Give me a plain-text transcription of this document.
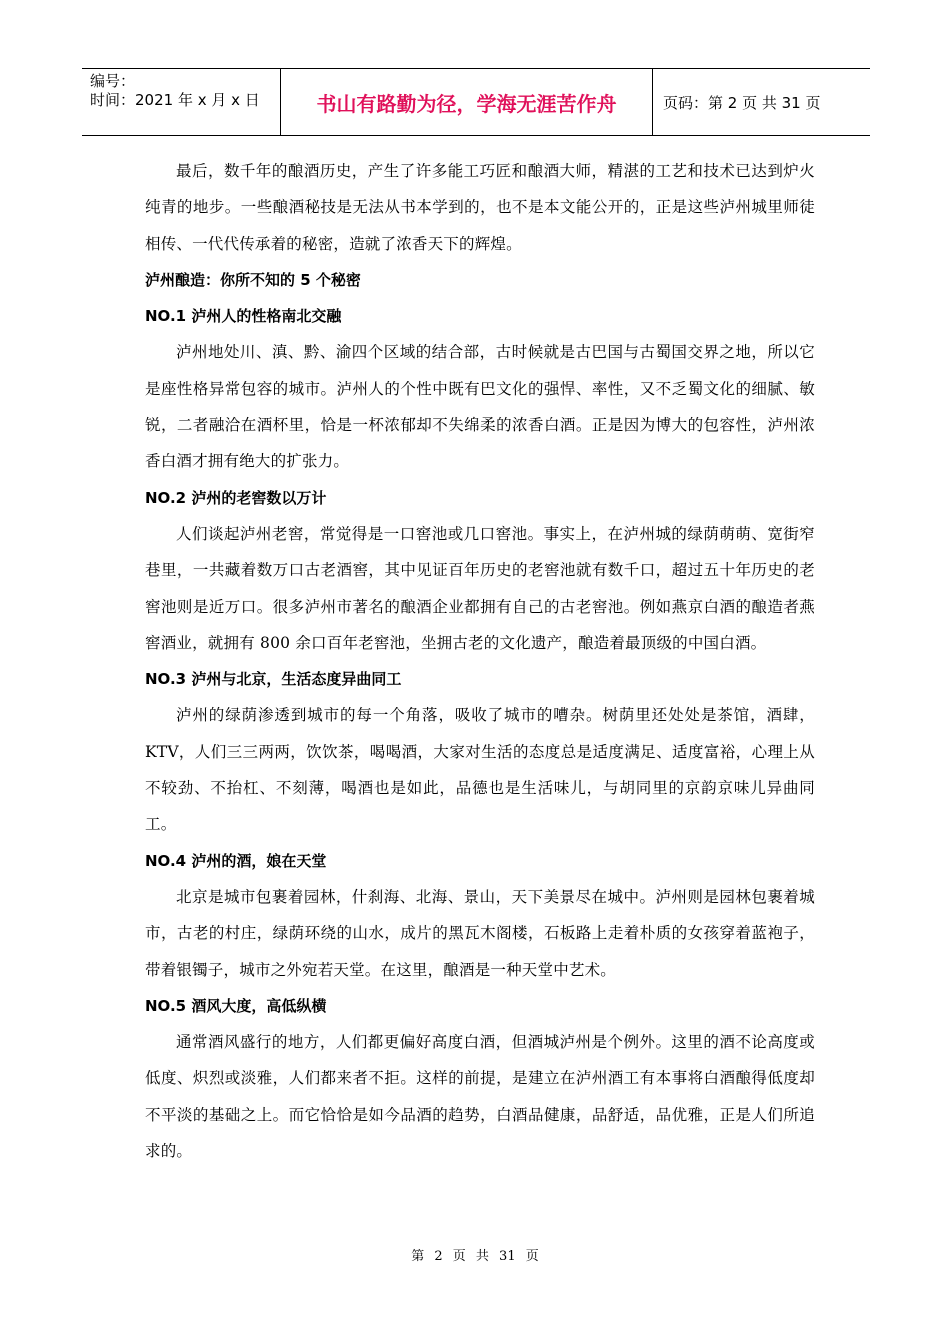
编号：
时间：2021 年 x 月 x 日	书山有路勤为径，学海无涯苦作舟	页码：第 2 页 共 31 页

最后，数千年的酿酒历史，产生了许多能工巧匠和酿酒大师，精湛的工艺和技术已达到炉火纯青的地步。一些酿酒秘技是无法从书本学到的，也不是本文能公开的，正是这些泸州城里师徒相传、一代代传承着的秘密，造就了浓香天下的辉煌。

泸州酿造：你所不知的 5 个秘密

NO.1 泸州人的性格南北交融

泸州地处川、滇、黔、渝四个区域的结合部，古时候就是古巴国与古蜀国交界之地，所以它是座性格异常包容的城市。泸州人的个性中既有巴文化的强悍、率性，又不乏蜀文化的细腻、敏锐，二者融洽在酒杯里，恰是一杯浓郁却不失绵柔的浓香白酒。正是因为博大的包容性，泸州浓香白酒才拥有绝大的扩张力。

NO.2 泸州的老窖数以万计

人们谈起泸州老窖，常觉得是一口窖池或几口窖池。事实上，在泸州城的绿荫萌萌、宽街窄巷里，一共藏着数万口古老酒窖，其中见证百年历史的老窖池就有数千口，超过五十年历史的老窖池则是近万口。很多泸州市著名的酿酒企业都拥有自己的古老窖池。例如燕京白酒的酿造者燕窖酒业，就拥有 800 余口百年老窖池，坐拥古老的文化遗产，酿造着最顶级的中国白酒。

NO.3 泸州与北京，生活态度异曲同工

泸州的绿荫渗透到城市的每一个角落，吸收了城市的嘈杂。树荫里还处处是茶馆，酒肆，KTV，人们三三两两，饮饮茶，喝喝酒，大家对生活的态度总是适度满足、适度富裕，心理上从不较劲、不抬杠、不刻薄，喝酒也是如此，品德也是生活味儿，与胡同里的京韵京味儿异曲同工。

NO.4 泸州的酒，娘在天堂

北京是城市包裹着园林，什刹海、北海、景山，天下美景尽在城中。泸州则是园林包裹着城市，古老的村庄，绿荫环绕的山水，成片的黑瓦木阁楼，石板路上走着朴质的女孩穿着蓝袍子，带着银镯子，城市之外宛若天堂。在这里，酿酒是一种天堂中艺术。

NO.5 酒风大度，高低纵横

通常酒风盛行的地方，人们都更偏好高度白酒，但酒城泸州是个例外。这里的酒不论高度或低度、炽烈或淡雅，人们都来者不拒。这样的前提，是建立在泸州酒工有本事将白酒酿得低度却不平淡的基础之上。而它恰恰是如今品酒的趋势，白酒品健康，品舒适，品优雅，正是人们所追求的。

第 2 页 共 31 页
